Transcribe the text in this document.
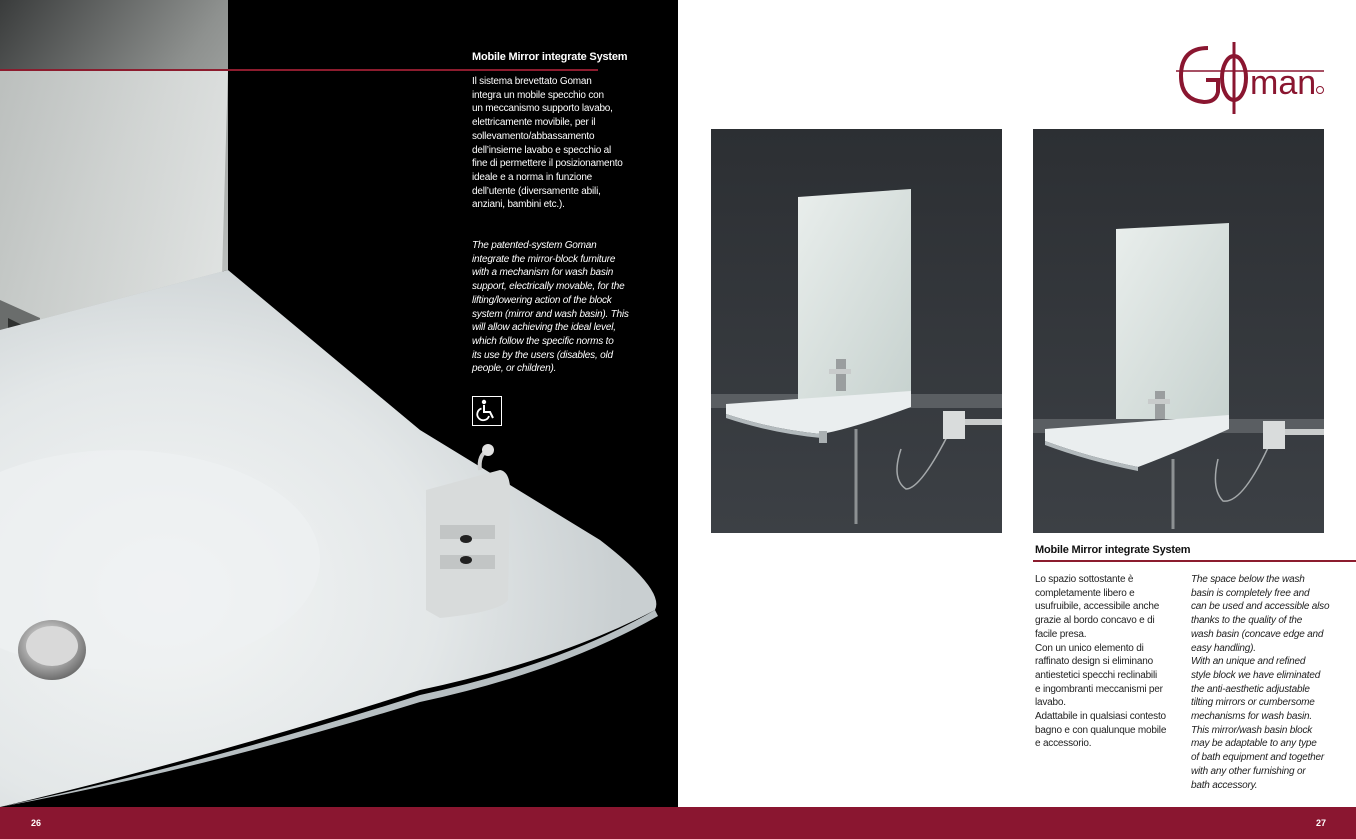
Mobile Mirror integrate System
Il sistema brevettato Goman
integra un mobile specchio con
un meccanismo supporto lavabo,
elettricamente movibile, per il
sollevamento/abbassamento
dell’insieme lavabo e specchio al
fine di permettere il posizionamento
ideale e a norma in funzione
dell’utente (diversamente abili,
anziani, bambini etc.).
The patented-system Goman
integrate the mirror-block furniture
with a mechanism for wash basin
support, electrically movable, for the
lifting/lowering action of the block
system (mirror and wash basin). This
will allow achieving the ideal level,
which follow the specific norms to
its use by the users (disables, old
people, or children).
man
Mobile Mirror integrate System
Lo spazio sottostante è
completamente libero e
usufruibile, accessibile anche
grazie al bordo concavo e di
facile presa.
Con un unico elemento di
raffinato design si eliminano
antiestetici specchi reclinabili
e ingombranti meccanismi per
lavabo.
Adattabile in qualsiasi contesto
bagno e con qualunque mobile
e accessorio.
The space below the wash
basin is completely free and
can be used and accessible also
thanks to the quality of the
wash basin (concave edge and
easy handling).
With an unique and refined
style block we have eliminated
the anti-aesthetic adjustable
tilting mirrors or cumbersome
mechanisms for wash basin.
This mirror/wash basin block
may be adaptable to any type
of bath equipment and together
with any other furnishing or
bath accessory.
26	27
